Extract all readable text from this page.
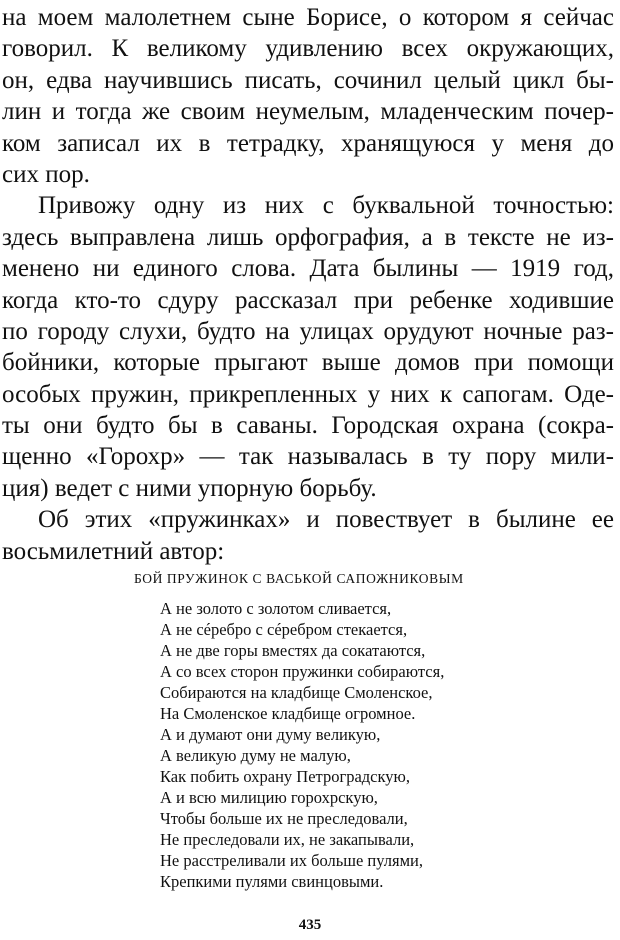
на моем малолетнем сыне Борисе, о котором я сейчас
говорил. К великому удивлению всех окружающих,
он, едва научившись писать, сочинил целый цикл бы-
лин и тогда же своим неумелым, младенческим почер-
ком записал их в тетрадку, хранящуюся у меня до
сих пор.
Привожу одну из них с буквальной точностью:
здесь выправлена лишь орфография, а в тексте не из-
менено ни единого слова. Дата былины — 1919 год,
когда кто-то сдуру рассказал при ребенке ходившие
по городу слухи, будто на улицах орудуют ночные раз-
бойники, которые прыгают выше домов при помощи
особых пружин, прикрепленных у них к сапогам. Оде-
ты они будто бы в саваны. Городская охрана (сокра-
щенно «Горохр» — так называлась в ту пору мили-
ция) ведет с ними упорную борьбу.
Об этих «пружинках» и повествует в былине ее
восьмилетний автор:
БОЙ ПРУЖИНОК С ВАСЬКОЙ САПОЖНИКОВЫМ
А не золото с золотом сливается,
А не сéребро с сéребром стекается,
А не две горы вместях да сокатаются,
А со всех сторон пружинки собираются,
Собираются на кладбище Смоленское,
На Смоленское кладбище огромное.
А и думают они думу великую,
А великую думу не малую,
Как побить охрану Петроградскую,
А и всю милицию горохрскую,
Чтобы больше их не преследовали,
Не преследовали их, не закапывали,
Не расстреливали их больше пулями,
Крепкими пулями свинцовыми.
435
